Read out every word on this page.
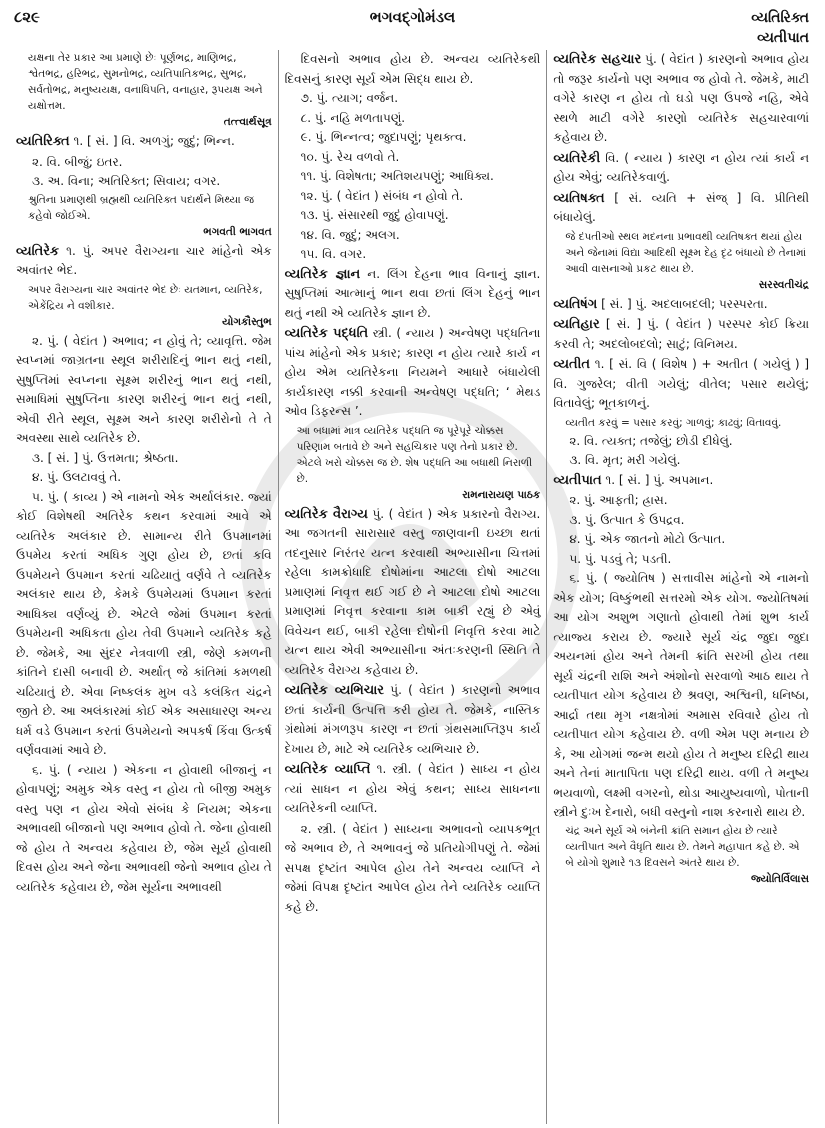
૮૨૯	ભગવદ્ગોમંડલ	વ્યતિરિક્ત
વ્યતીપાત
યક્ષના તેર પ્રકાર આ પ્રમાણે છેઃ પૂર્ણભદ્ર, માણિભદ્ર, શ્વેતભદ્ર, હરિભદ્ર, સુમનોભદ્ર, વ્યતિપાતિકભદ્ર, સુભદ્ર, સર્વતોભદ્ર, મનુષ્યયક્ષ, વનાધિપતિ, વનાહાર, રૂપયક્ષ અને યક્ષોત્તમ.
તત્ત્વાર્થસૂત્ર
વ્યતિરિક્ત ૧. [ સં. ] વિ. અળગું; જુદું; ભિન્ન.
૨. વિ. બીજું; ઇતર.
૩. અ. વિના; અતિરિક્ત; સિવાય; વગર.
શ્રુતિના પ્રમાણથી બ્રહ્મથી વ્યતિરિક્ત પદાર્થને મિથ્યા જ કહેવો જોઈએ.
ભગવતી ભાગવત
વ્યતિરેક ૧. પું. અપર વૈરાગ્યના ચાર માંહેનો એક અવાંતર ભેદ.
અપર વૈરાગ્યના ચાર અવાંતર ભેદ છેઃ યતમાન, વ્યતિરેક, એકેંદ્રિય ને વશીકાર.
યોગકૌસ્તુભ
૨. પું. ( વેદાંત ) અભાવ; ન હોવું તે; વ્યાવૃત્તિ. જેમ સ્વપ્નમાં જાગ્રતના સ્થૂલ શરીરાદિનું ભાન થતું નથી, સુષુપ્તિમાં સ્વપ્નના સૂક્ષ્મ શરીરનું ભાન થતું નથી, સમાધિમાં સુષુપ્તિના કારણ શરીરનું ભાન થતું નથી, એવી રીતે સ્થૂલ, સૂક્ષ્મ અને કારણ શરીરોનો તે તે અવસ્થા સાથે વ્યતિરેક છે.
૩. [ સં. ] પું. ઉત્તમતા; શ્રેષ્ઠતા.
૪. પું. ઉલટાવવું તે.
૫. પું. ( કાવ્ય ) એ નામનો એક અર્થાલંકાર. જ્યાં કોઈ વિશેષથી અતિરેક કથન કરવામાં આવે એ વ્યતિરેક અલંકાર છે. સામાન્ય રીતે ઉપમાનમાં ઉપમેય કરતાં અધિક ગુણ હોય છે, છતાં કવિ ઉપમેયને ઉપમાન કરતાં ચઢિયાતું વર્ણવે તે વ્યતિરેક અલંકાર થાય છે, કેમકે ઉપમેયમાં ઉપમાન કરતાં આધિક્ય વર્ણવ્યું છે. એટલે જેમાં ઉપમાન કરતાં ઉપમેયની અધિકતા હોય તેવી ઉપમાને વ્યતિરેક કહે છે. જેમકે, આ સુંદર નેત્રવાળી સ્ત્રી, જેણે કમળની કાંતિને દાસી બનાવી છે. અર્થાત્ જે કાંતિમાં કમળથી ચઢિયાતું છે. એવા નિષ્કલંક મુખ વડે કલંકિત ચંદ્રને જીતે છે. આ અલંકારમાં કોઈ એક અસાધારણ અન્ય ધર્મ વડે ઉપમાન કરતાં ઉપમેયનો અપકર્ષ કિંવા ઉત્કર્ષ વર્ણવવામાં આવે છે.
૬. પું. ( ન્યાય ) એકના ન હોવાથી બીજાનું ન હોવાપણું; અમુક એક વસ્તુ ન હોય તો બીજી અમુક વસ્તુ પણ ન હોય એવો સંબંધ કે નિયમ; એકના અભાવથી બીજાનો પણ અભાવ હોવો તે. જેના હોવાથી જે હોય તે અન્વય કહેવાય છે, જેમ સૂર્ય હોવાથી દિવસ હોય અને જેના અભાવથી જેનો અભાવ હોય તે વ્યતિરેક કહેવાય છે, જેમ સૂર્યના અભાવથી
દિવસનો અભાવ હોય છે. અન્વય વ્યતિરેકથી દિવસનું કારણ સૂર્ય એમ સિદ્ધ થાય છે.
૭. પું. ત્યાગ; વર્જન.
૮. પું. નહિ મળતાપણું.
૯. પું. ભિન્નત્વ; જુદાપણું; પૃથક્ત્વ.
૧૦. પું. રેચ વળવો તે.
૧૧. પું. વિશેષતા; અતિશયપણું; આધિક્ય.
૧૨. પું. ( વેદાંત ) સંબંધ ન હોવો તે.
૧૩. પું. સંસારથી જુદું હોવાપણું.
૧૪. વિ. જુદું; અલગ.
૧૫. વિ. વગર.
વ્યતિરેક જ્ઞાન ન. લિંગ દેહના ભાવ વિનાનું જ્ઞાન. સુષુપ્તિમાં આત્માનું ભાન થવા છતાં લિંગ દેહનું ભાન થતું નથી એ વ્યતિરેક જ્ઞાન છે.
વ્યતિરેક પદ્ધતિ સ્ત્રી. ( ન્યાય ) અન્વેષણ પદ્ધતિના પાંચ માંહેનો એક પ્રકાર; કારણ ન હોય ત્યારે કાર્ય ન હોય એમ વ્યતિરેકના નિયમને આધારે બંધાયેલી કાર્યકારણ નક્કી કરવાની અન્વેષણ પદ્ધતિ; ‘ મેથડ ઓવ ડિફરન્સ ’.
આ બધામાં માત્ર વ્યતિરેક પદ્ધતિ જ પૂરેપૂરે ચોક્કસ પરિણામ બતાવે છે અને સહચિકાર પણ તેનો પ્રકાર છે. એટલે ખરો ચોક્કસ જ છે. શેષ પદ્ધતિ આ બધાથી નિરાળી છે.
રામનારાયણ પાઠક
વ્યતિરેક વૈરાગ્ય પું. ( વેદાંત ) એક પ્રકારનો વૈરાગ્ય. આ જગતની સારાસાર વસ્તુ જાણવાની ઇચ્છા થતાં તદનુસાર નિરંતર યત્ન કરવાથી અભ્યાસીના ચિત્તમાં રહેલા કામક્રોધાદિ દોષોમાંના આટલા દોષો આટલા પ્રમાણમાં નિવૃત્ત થઈ ગઈ છે ને આટલા દોષો આટલા પ્રમાણમાં નિવૃત્ત કરવાના કામ બાકી રહ્યું છે એવું વિવેચન થઈ, બાકી રહેલા દોષોની નિવૃત્તિ કરવા માટે યત્ન થાય એવી અભ્યાસીના અંતઃકરણની સ્થિતિ તે વ્યતિરેક વૈરાગ્ય કહેવાય છે.
વ્યતિરેક વ્યભિચાર પું. ( વેદાંત ) કારણનો અભાવ છતાં કાર્યની ઉત્પત્તિ કરી હોય તે. જેમકે, નાસ્તિક ગ્રંથોમાં મંગળરૂપ કારણ ન છતાં ગ્રંથસમાપ્તિરૂપ કાર્ય દેખાય છે, માટે એ વ્યતિરેક વ્યભિચાર છે.
વ્યતિરેક વ્યાપ્તિ ૧. સ્ત્રી. ( વેદાંત ) સાધ્ય ન હોય ત્યાં સાધન ન હોય એવું કથન; સાધ્ય સાધનના વ્યતિરેકની વ્યાપ્તિ.
૨. સ્ત્રી. ( વેદાંત ) સાધ્યના અભાવનો વ્યાપકભૂત જે અભાવ છે, તે અભાવનું જે પ્રતિયોગીપણું તે. જેમાં સપક્ષ દૃષ્ટાંત આપેલ હોય તેને અન્વય વ્યાપ્તિ ને જેમાં વિપક્ષ દૃષ્ટાંત આપેલ હોય તેને વ્યતિરેક વ્યાપ્તિ કહે છે.
વ્યતિરેક સહચાર પું. ( વેદાંત ) કારણનો અભાવ હોય તો જરૂર કાર્યનો પણ અભાવ જ હોવો તે. જેમકે, માટી વગેરે કારણ ન હોય તો ઘડો પણ ઉપજે નહિ, એવે સ્થળે માટી વગેરે કારણો વ્યતિરેક સહચારવાળાં કહેવાય છે.
વ્યતિરેકી વિ. ( ન્યાય ) કારણ ન હોય ત્યાં કાર્ય ન હોય એવું; વ્યતિરેકવાળું.
વ્યતિષક્ત [ સં. વ્યતિ + સંજ્ ] વિ. પ્રીતિથી બંધાયેલું.
જે દંપતીઓ સ્થલ મદનના પ્રભાવથી વ્યતિષક્ત થયાં હોય અને જેનામાં વિદ્યા આદિથી સૂક્ષ્મ દેહ દૃઢ બંધાયો છે તેનામાં આવી વાસનાઓ પ્રકટ થાય છે.
સરસ્વતીચંદ્ર
વ્યતિષંગ [ સં. ] પું. અદલાબદલી; પરસ્પરતા.
વ્યતિહાર [ સં. ] પું. ( વેદાંત ) પરસ્પર કોઈ ક્રિયા કરવી તે; અદલોબદલો; સાટું; વિનિમય.
વ્યતીત ૧. [ સં. વિ ( વિશેષ ) + અતીત ( ગયેલું ) ] વિ. ગુજરેલ; વીતી ગયેલું; વીતેલ; પસાર થયેલું; વિતાવેલું; ભૂતકાળનું.
વ્યતીત કરવું = પસાર કરવું; ગાળવું; કાઢવું; વિતાવવું.
૨. વિ. ત્યક્ત; તજેલું; છોડી દીધેલું.
૩. વિ. મૃત; મરી ગયેલું.
વ્યતીપાત ૧. [ સં. ] પું. અપમાન.
૨. પું. આફતી; હ્રાસ.
૩. પું. ઉત્પાત કે ઉપદ્રવ.
૪. પું. એક જાતનો મોટો ઉત્પાત.
૫. પું. પડવું તે; પડતી.
૬. પું. ( જ્યોતિષ ) સત્તાવીસ માંહેનો એ નામનો એક યોગ; વિષ્કુંભથી સત્તરમો એક યોગ. જ્યોતિષમાં આ યોગ અશુભ ગણાતો હોવાથી તેમાં શુભ કાર્ય ત્યાજ્ય કરાય છે. જ્યારે સૂર્ય ચંદ્ર જુદા જુદા અયનમાં હોય અને તેમની ક્રાંતિ સરખી હોય તથા સૂર્ય ચંદ્રની રાશિ અને અંશોનો સરવાળો આઠ થાય તે વ્યતીપાત યોગ કહેવાય છે શ્રવણ, અશ્વિની, ધનિષ્ઠા, આર્દ્રા તથા મૃગ નક્ષત્રોમાં અમાસ રવિવારે હોય તો વ્યતીપાત યોગ કહેવાય છે. વળી એમ પણ મનાય છે કે, આ યોગમાં જન્મ થયો હોય તે મનુષ્ય દરિદ્રી થાય અને તેનાં માતાપિતા પણ દરિદ્રી થાય. વળી તે મનુષ્ય ભયવાળો, લક્ષ્મી વગરનો, થોડા આયુષ્યવાળો, પોતાની સ્ત્રીને દુઃખ દેનારો, બધી વસ્તુનો નાશ કરનારો થાય છે.
ચંદ્ર અને સૂર્ય એ બંનેની ક્રાંતિ સમાન હોય છે ત્યારે વ્યતીપાત અને વૈધૃતિ થાય છે. તેમને મહાપાત કહે છે. એ બે યોગો શુમારે ૧૩ દિવસને અંતરે થાય છે.
જ્યોતિર્વિલાસ
